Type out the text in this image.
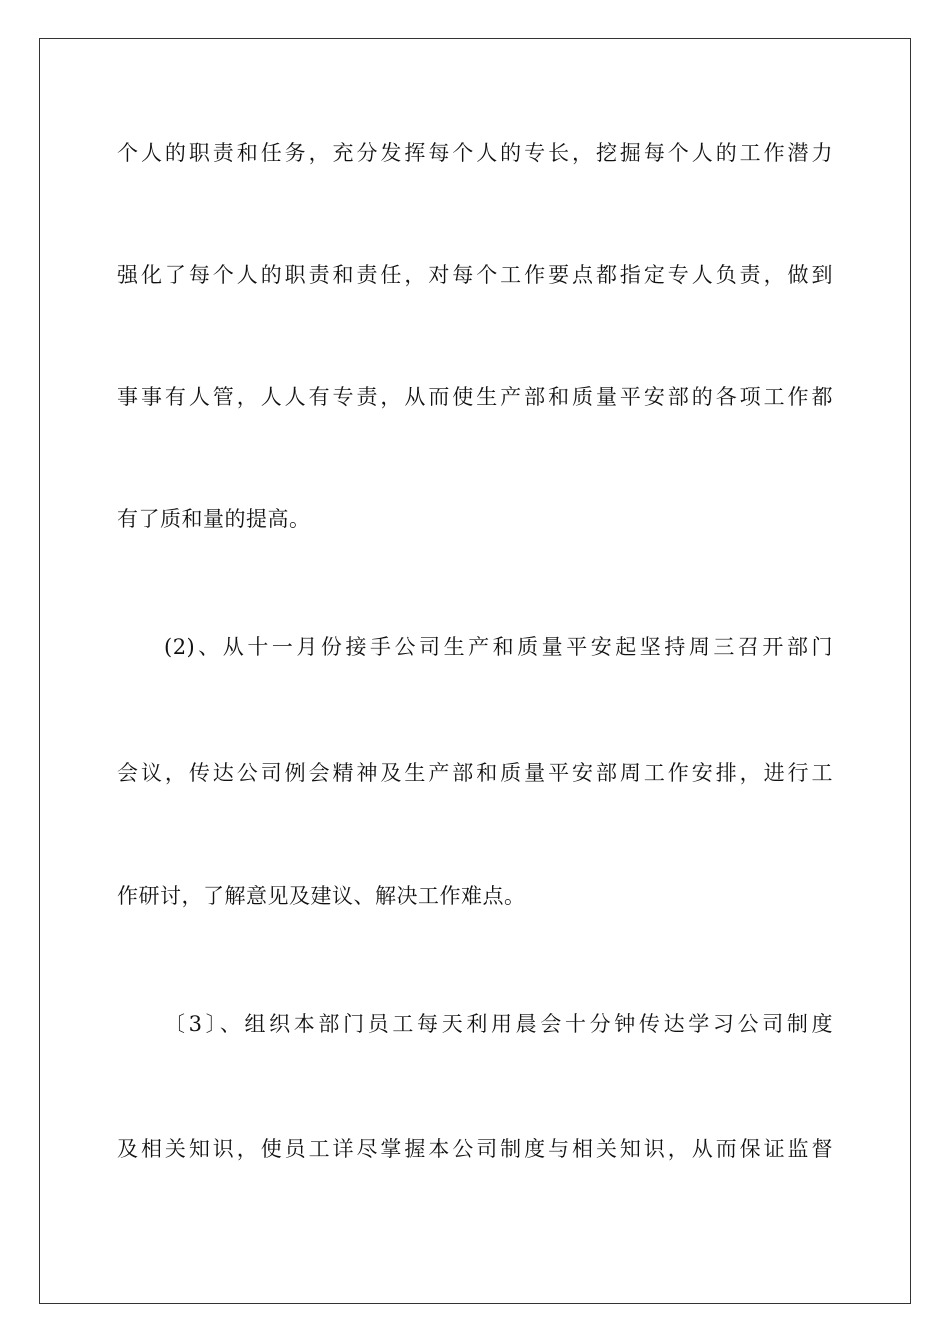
个人的职责和任务，充分发挥每个人的专长，挖掘每个人的工作潜力
强化了每个人的职责和责任，对每个工作要点都指定专人负责，做到
事事有人管，人人有专责，从而使生产部和质量平安部的各项工作都
有了质和量的提高。
(2)、从十一月份接手公司生产和质量平安起坚持周三召开部门
会议，传达公司例会精神及生产部和质量平安部周工作安排，进行工
作研讨，了解意见及建议、解决工作难点。
〔3〕、组织本部门员工每天利用晨会十分钟传达学习公司制度
及相关知识，使员工详尽掌握本公司制度与相关知识，从而保证监督
